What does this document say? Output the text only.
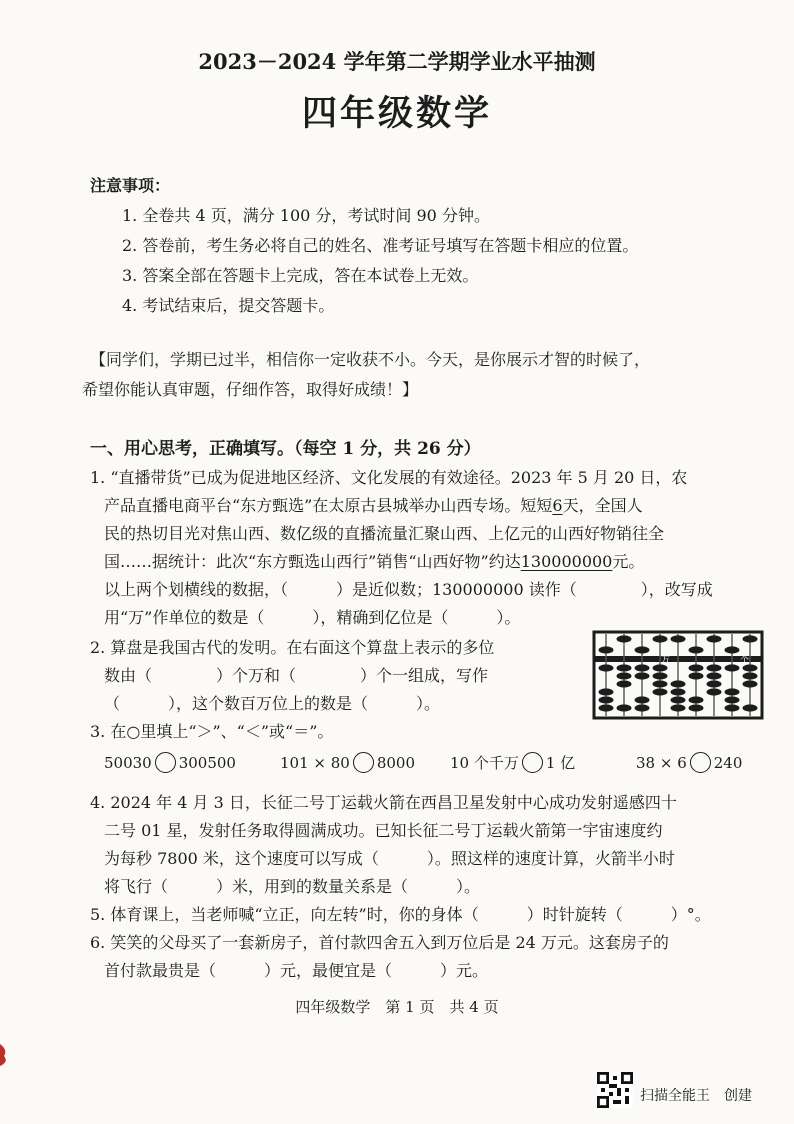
2023－2024 学年第二学期学业水平抽测
四年级数学
注意事项：
1. 全卷共 4 页，满分 100 分，考试时间 90 分钟。
2. 答卷前，考生务必将自己的姓名、准考证号填写在答题卡相应的位置。
3. 答案全部在答题卡上完成，答在本试卷上无效。
4. 考试结束后，提交答题卡。
【同学们，学期已过半，相信你一定收获不小。今天，是你展示才智的时候了，
希望你能认真审题，仔细作答，取得好成绩！】
一、用心思考，正确填写。（每空 1 分，共 26 分）
1. “直播带货”已成为促进地区经济、文化发展的有效途径。2023 年 5 月 20 日，农
产品直播电商平台“东方甄选”在太原古县城举办山西专场。短短6天，全国人
民的热切目光对焦山西、数亿级的直播流量汇聚山西、上亿元的山西好物销往全
国……据统计：此次“东方甄选山西行”销售“山西好物”约达130000000元。
以上两个划横线的数据，（　　　）是近似数；130000000 读作（　　　　），改写成
用“万”作单位的数是（　　　），精确到亿位是（　　　）。
2. 算盘是我国古代的发明。在右面这个算盘上表示的多位
数由（　　　　）个万和（　　　　）个一组成，写作
（　　　），这个数百万位上的数是（　　　）。
万	个
3. 在○里填上“＞”、“＜”或“＝”。
50030 300500	101 × 80 8000 10 个千万 1 亿	38 × 6 240
4. 2024 年 4 月 3 日，长征二号丁运载火箭在西昌卫星发射中心成功发射遥感四十
二号 01 星，发射任务取得圆满成功。已知长征二号丁运载火箭第一宇宙速度约
为每秒 7800 米，这个速度可以写成（　　　）。照这样的速度计算，火箭半小时
将飞行（　　　）米，用到的数量关系是（　　　）。
5. 体育课上，当老师喊“立正，向左转”时，你的身体（　　　）时针旋转（　　　）°。
6. 笑笑的父母买了一套新房子，首付款四舍五入到万位后是 24 万元。这套房子的
首付款最贵是（　　　）元，最便宜是（　　　）元。
四年级数学　第 1 页　共 4 页
扫描全能王　创建
